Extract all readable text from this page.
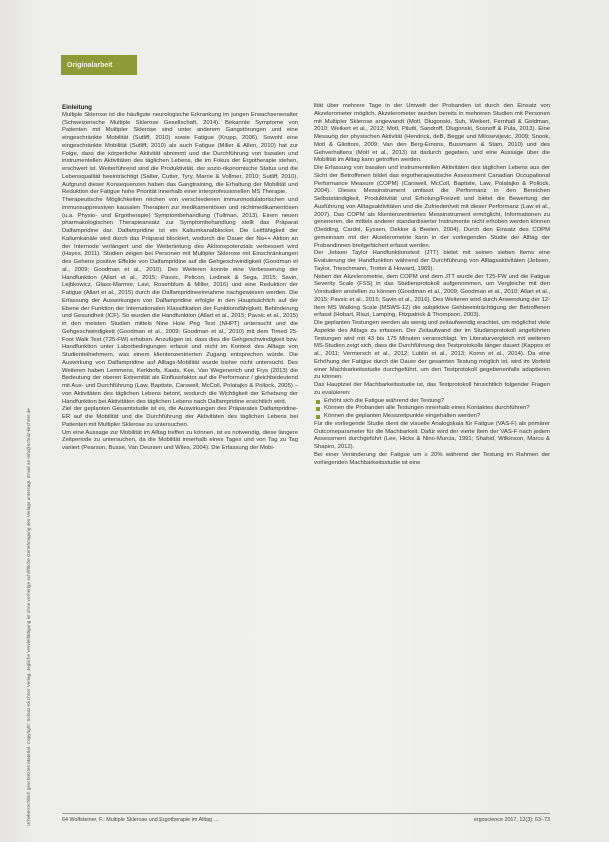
Urheberrechtlich geschütztes Material. Copyright: Schulz-Kirchner Verlag. Jegliche Vervielfältigung ist ohne vorherige schriftliche Genehmigung des Verlags untersagt. Email an info@schulz-kirchner.de
Originalarbeit
Einleitung

Multiple Sklerose ist die häufigste neurologische Erkrankung im jungen Erwachsenenalter (Schweizerische Multiple Sklerose Gesellschaft, 2014). Bekannte Symptome von Patienten mit Multipler Sklerose sind unter anderem Gangstörungen und eine eingeschränkte Mobilität (Sutliff, 2010) sowie Fatigue (Krupp, 2006). Sowohl eine eingeschränkte Mobilität (Sutliff, 2010) als auch Fatigue (Miller & Allen, 2010) hat zur Folge, dass die körperliche Aktivität abnimmt und die Durchführung von basalen und instrumentellen Aktivitäten des täglichen Lebens, die im Fokus der Ergotherapie stehen, erschwert ist. Weiterführend sind die Produktivität, der sozio-ökonomische Status und die Lebensqualität beeinträchtigt (Salter, Cutter, Tyry, Marrie & Vollmer, 2010; Sutliff, 2010). Aufgrund dieser Konsequenzen haben das Gangtraining, die Erhaltung der Mobilität und Reduktion der Fatigue hohe Priorität innerhalb einer interprofessionellen MS Therapie.

Therapeutische Möglichkeiten reichen von verschiedenen immunmodulatorischen und immunsuppressiven kausalen Therapien zur medikamentösen und nichtmedikamentösen (u.a. Physio- und Ergotherapie) Symptombehandlung (Tullman, 2013). Einen neuen pharmakologischen Therapieansatz zur Symptombehandlung stellt das Präparat Dalfampridine dar. Dalfampridine ist ein Kaliumkanalblocker. Die Leitfähigkeit der Kaliumkanäle wird durch das Präparat blockiert, wodurch die Dauer der Na++ Aktion an der Internode verlängert und die Weiterleitung des Aktionspotenzials verbessert wird (Hayes, 2011). Studien zeigen bei Personen mit Multipler Sklerose mit Einschränkungen des Gehens positive Effekte von Dalfampridine auf die Gehgeschwindigkeit (Goodman et al., 2009; Goodman et al., 2010). Des Weiteren konnte eine Verbesserung der Handfunktion (Allart et al., 2015; Pavsic, Pelicon, Ledinek & Sega, 2015; Savin, Lejbkowicz, Glass-Marmor, Lavi, Rosenblum & Miller, 2016) und eine Reduktion der Fatigue (Allart et al., 2015) durch die Dalfampridineeinnahme nachgewiesen werden. Die Erfassung der Auswirkungen von Dalfampridine erfolgte in den Hauptsächlich auf der Ebene der Funktion der Internationalen Klassifikation der Funktionsfähigkeit, Behinderung und Gesundheit (ICF). So wurden die Handfunktion (Allart et al., 2015; Pavsic et al., 2015) in den meisten Studien mittels Nine Hole Peg Test (NHPT) untersucht und die Gehgeschwindigkeit (Goodman et al., 2009; Goodman et al., 2010) mit dem Timed 25-Foot Walk Test (T25-FW) erhoben. Anzufügen ist, dass dies die Gehgeschwindigkeit bzw. Handfunktion unter Laborbedingungen erfasst und nicht im Kontext des Alltags von Studienteilnehmern, was einem klientenzentrierten Zugang entsprechen würde. Die Auswirkung von Dalfampridine auf Alltags-Mobilität wurde bisher nicht untersucht. Des Weiteren haben Lemmens, Kerkhofs, Kaats, Kee, Van Wegenerich und Frys (2013) die Bedeutung der oberen Extremität als Einflussfaktor auf die Performanz / gleichbedeutend mit Aus- und Durchführung (Law, Baptiste, Carswell, McColl, Polatajko & Pollock, 2005) – von Aktivitäten des täglichen Lebens betont, wodurch die Wichtigkeit der Erhebung der Handfunktion bei Aktivitäten des täglichen Lebens nach Dalfampridine ersichtlich wird.

Ziel der geplanten Gesamtstudie ist es, die Auswirkungen des Präparates Dalfampridine-ER auf die Mobilität und die Durchführung der Aktivitäten des täglichen Lebens bei Patienten mit Multipler Sklerose zu untersuchen.

Um eine Aussage zur Mobilität im Alltag treffen zu können, ist es notwendig, diese längere Zeitperiode zu untersuchen, da die Mobilität innerhalb eines Tages und von Tag zu Tag variiert (Pearson, Busse, Van Deursen und Wiles, 2004). Die Erfassung der Mobi-

lität über mehrere Tage in der Umwelt der Probanden ist durch den Einsatz von Akzelerometer möglich. Akzelerometer wurden bereits in mehreren Studien mit Personen mit Multipler Sklerose angewandt (Motl, Dlugonski, Suh, Weikert, Fernhall & Goldman, 2010; Weikert et al., 2012; Motl, Pilutti, Sandroff, Dlugonski, Sosnoff & Pula, 2013). Eine Messung der physischen Aktivität (Hendrick, deB, Begge und Milosevijevic, 2009; Snook, Motl & Gliottoni, 2009; Van den Berg-Emons, Bussmann & Stam, 2010) und des Gehverhaltens (Motl et al., 2013) ist dadurch gegeben, und eine Aussage über die Mobilität im Alltag kann getroffen werden.

Die Erfassung von basalen und instrumentellen Aktivitäten des täglichen Lebens aus der Sicht der Betroffenen bildet das ergotherapeutische Assessment Canadian Occupational Performance Measure (COPM) (Carswell, McColl, Baptiste, Law, Polatajko & Pollock, 2004). Dieses Messinstrument umfasst die Performanz in den Bereichen Selbstständigkeit, Produktivität und Erholung/Freizeit und bietet die Bewertung der Ausführung von Alltagsaktivitäten und die Zufriedenheit mit dieser Performanz (Law et al., 2007). Das COPM als klientenzentriertes Messinstrument ermöglicht, Informationen zu generieren, die mittels anderer standardisierter Instrumente nicht erhoben werden können (Dedding, Cardol, Eyssen, Dekker & Beelen, 2004). Durch den Einsatz des COPM gemeinsam mit der Akzelerometrie kann in der vorliegenden Studie der Alltag der Probandinnen breitgefächert erfasst werden.

Der Jebsen Taylor Handfunktionstest (JTT) bietet mit seinen sieben Items eine Evaluierung der Handfunktion während der Durchführung von Alltagsaktivitäten (Jebsen, Taylor, Trieschmann, Trotter & Howard, 1969).

Neben der Akzelerometrie, dem COPM und dem JTT wurde der T25-FW und die Fatigue Severity Scale (FSS) in das Studienprotokoll aufgenommen, um Vergleiche mit den Vorstudien anstellen zu können (Goodman et al., 2009; Goodman et al., 2010; Allart et al., 2015; Pavsic et al., 2015; Savin et al., 2016). Des Weiteren wird durch Anwendung der 12-Item MS Walking Scale (MSWS-12) die subjektive Gehbeeinträchtigung der Betroffenen erfasst (Hobart, Riazi, Lamping, Fitzpatrick & Thompson, 2003).

Die geplanten Testungen werden als wenig und zeitaufwendig erachtet, um möglichst viele Aspekte des Alltags zu erfassen. Der Zeitaufwand der im Studienprotokoll angeführten Testungen wird mit 43 bis 175 Minuten veranschlagt. Im Literaturvergleich mit weiteren MS-Studien zeigt sich, dass die Durchführung des Testprotokolls länger dauert (Kappos et al., 2011; Vermersch et al., 2012; Lublin et al., 2013; Kornn et al., 2014). Da eine Erhöhung der Fatigue durch die Dauer der gesamten Testung möglich ist, wird im Vorfeld einer Machbarkeitsstudie durchgeführt, um den Testprotokoll gegebenenfalls adaptieren zu können.

Das Hauptziel der Machbarkeitsstudie ist, das Testprotokoll hinsichtlich folgender Fragen zu evaluieren:

Erhöht sich die Fatigue während der Testung?
Können die Probanden alle Testungen innerhalb eines Kontaktes durchführen?
Können die geplanten Messzeitpunkte eingehalten werden?

Für die vorliegende Studie dient die visuelle Analogskala für Fatigue (VAS-F) als primärer Outcomeparameter für die Machbarkeit. Dafür wird der vierte Item der VAS-F nach jedem Assessment durchgeführt (Lee, Hicks & Nino-Murcia, 1991; Shahid, Wilkinson, Marcu & Shapiro, 2012).

Bei einer Veränderung der Fatigue um ≥ 20% während der Testung im Rahmen der vorliegenden Machbarkeitsstudie ist eine

64 Wolfsteiner, F.: Multiple Sklerose und Ergotherapie im Alltag …	ergoscience 2017, 12(3): 63–73
